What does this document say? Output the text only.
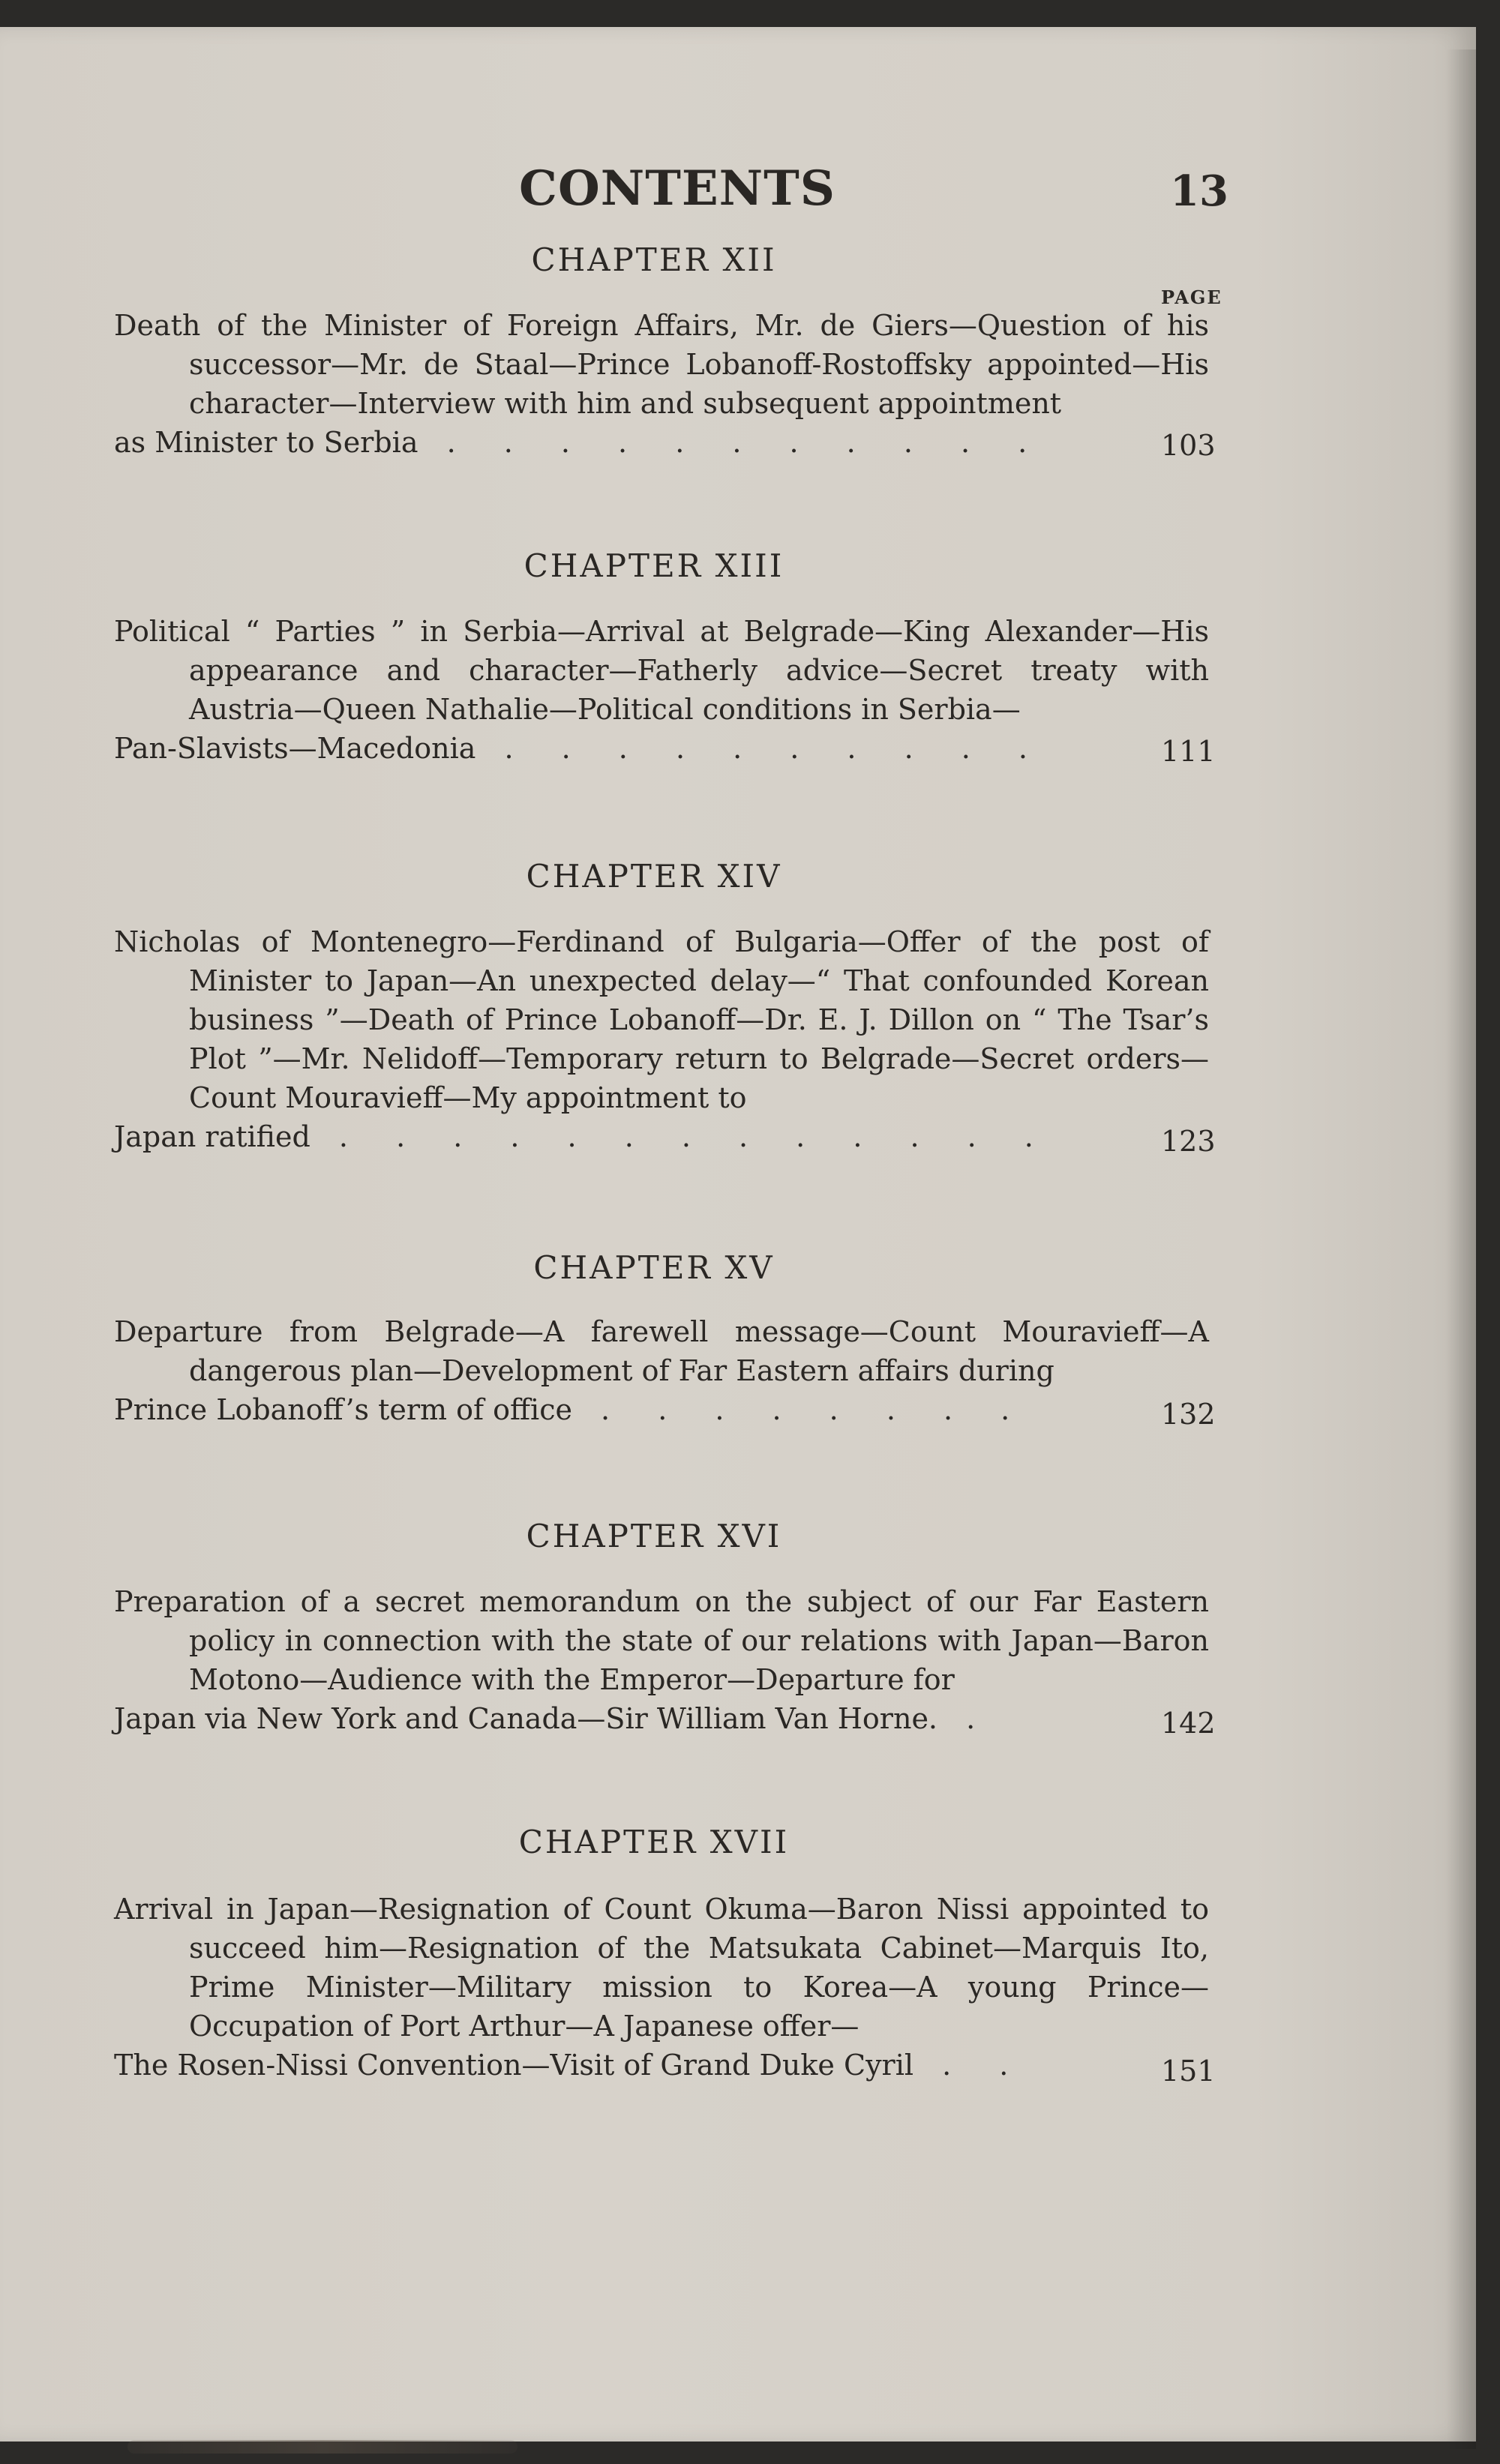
CONTENTS	13
PAGE
CHAPTER XII
Death of the Minister of Foreign Affairs, Mr. de Giers—Question of his successor—Mr. de Staal—Prince Lobanoff-Rostoffsky appointed—His character—Interview with him and subsequent appointment
as Minister to Serbia . . . . . . . . . . .	103
CHAPTER XIII
Political “ Parties ” in Serbia—Arrival at Belgrade—King Alexander—His appearance and character—Fatherly advice—Secret treaty with Austria—Queen Nathalie—Political conditions in Serbia—
Pan-Slavists—Macedonia . . . . . . . . . .	111
CHAPTER XIV
Nicholas of Montenegro—Ferdinand of Bulgaria—Offer of the post of Minister to Japan—An unexpected delay—“ That confounded Korean business ”—Death of Prince Lobanoff—Dr. E. J. Dillon on “ The Tsar’s Plot ”—Mr. Nelidoff—Temporary return to Belgrade—Secret orders—Count Mouravieff—My appointment to
Japan ratified . . . . . . . . . . . . .	123
CHAPTER XV
Departure from Belgrade—A farewell message—Count Mouravieff—A dangerous plan—Development of Far Eastern affairs during
Prince Lobanoff’s term of office . . . . . . . .	132
CHAPTER XVI
Preparation of a secret memorandum on the subject of our Far Eastern policy in connection with the state of our relations with Japan—Baron Motono—Audience with the Emperor—Departure for
Japan via New York and Canada—Sir William Van Horne. .	142
CHAPTER XVII
Arrival in Japan—Resignation of Count Okuma—Baron Nissi appointed to succeed him—Resignation of the Matsukata Cabinet—Marquis Ito, Prime Minister—Military mission to Korea—A young Prince—Occupation of Port Arthur—A Japanese offer—
The Rosen-Nissi Convention—Visit of Grand Duke Cyril . .	151
